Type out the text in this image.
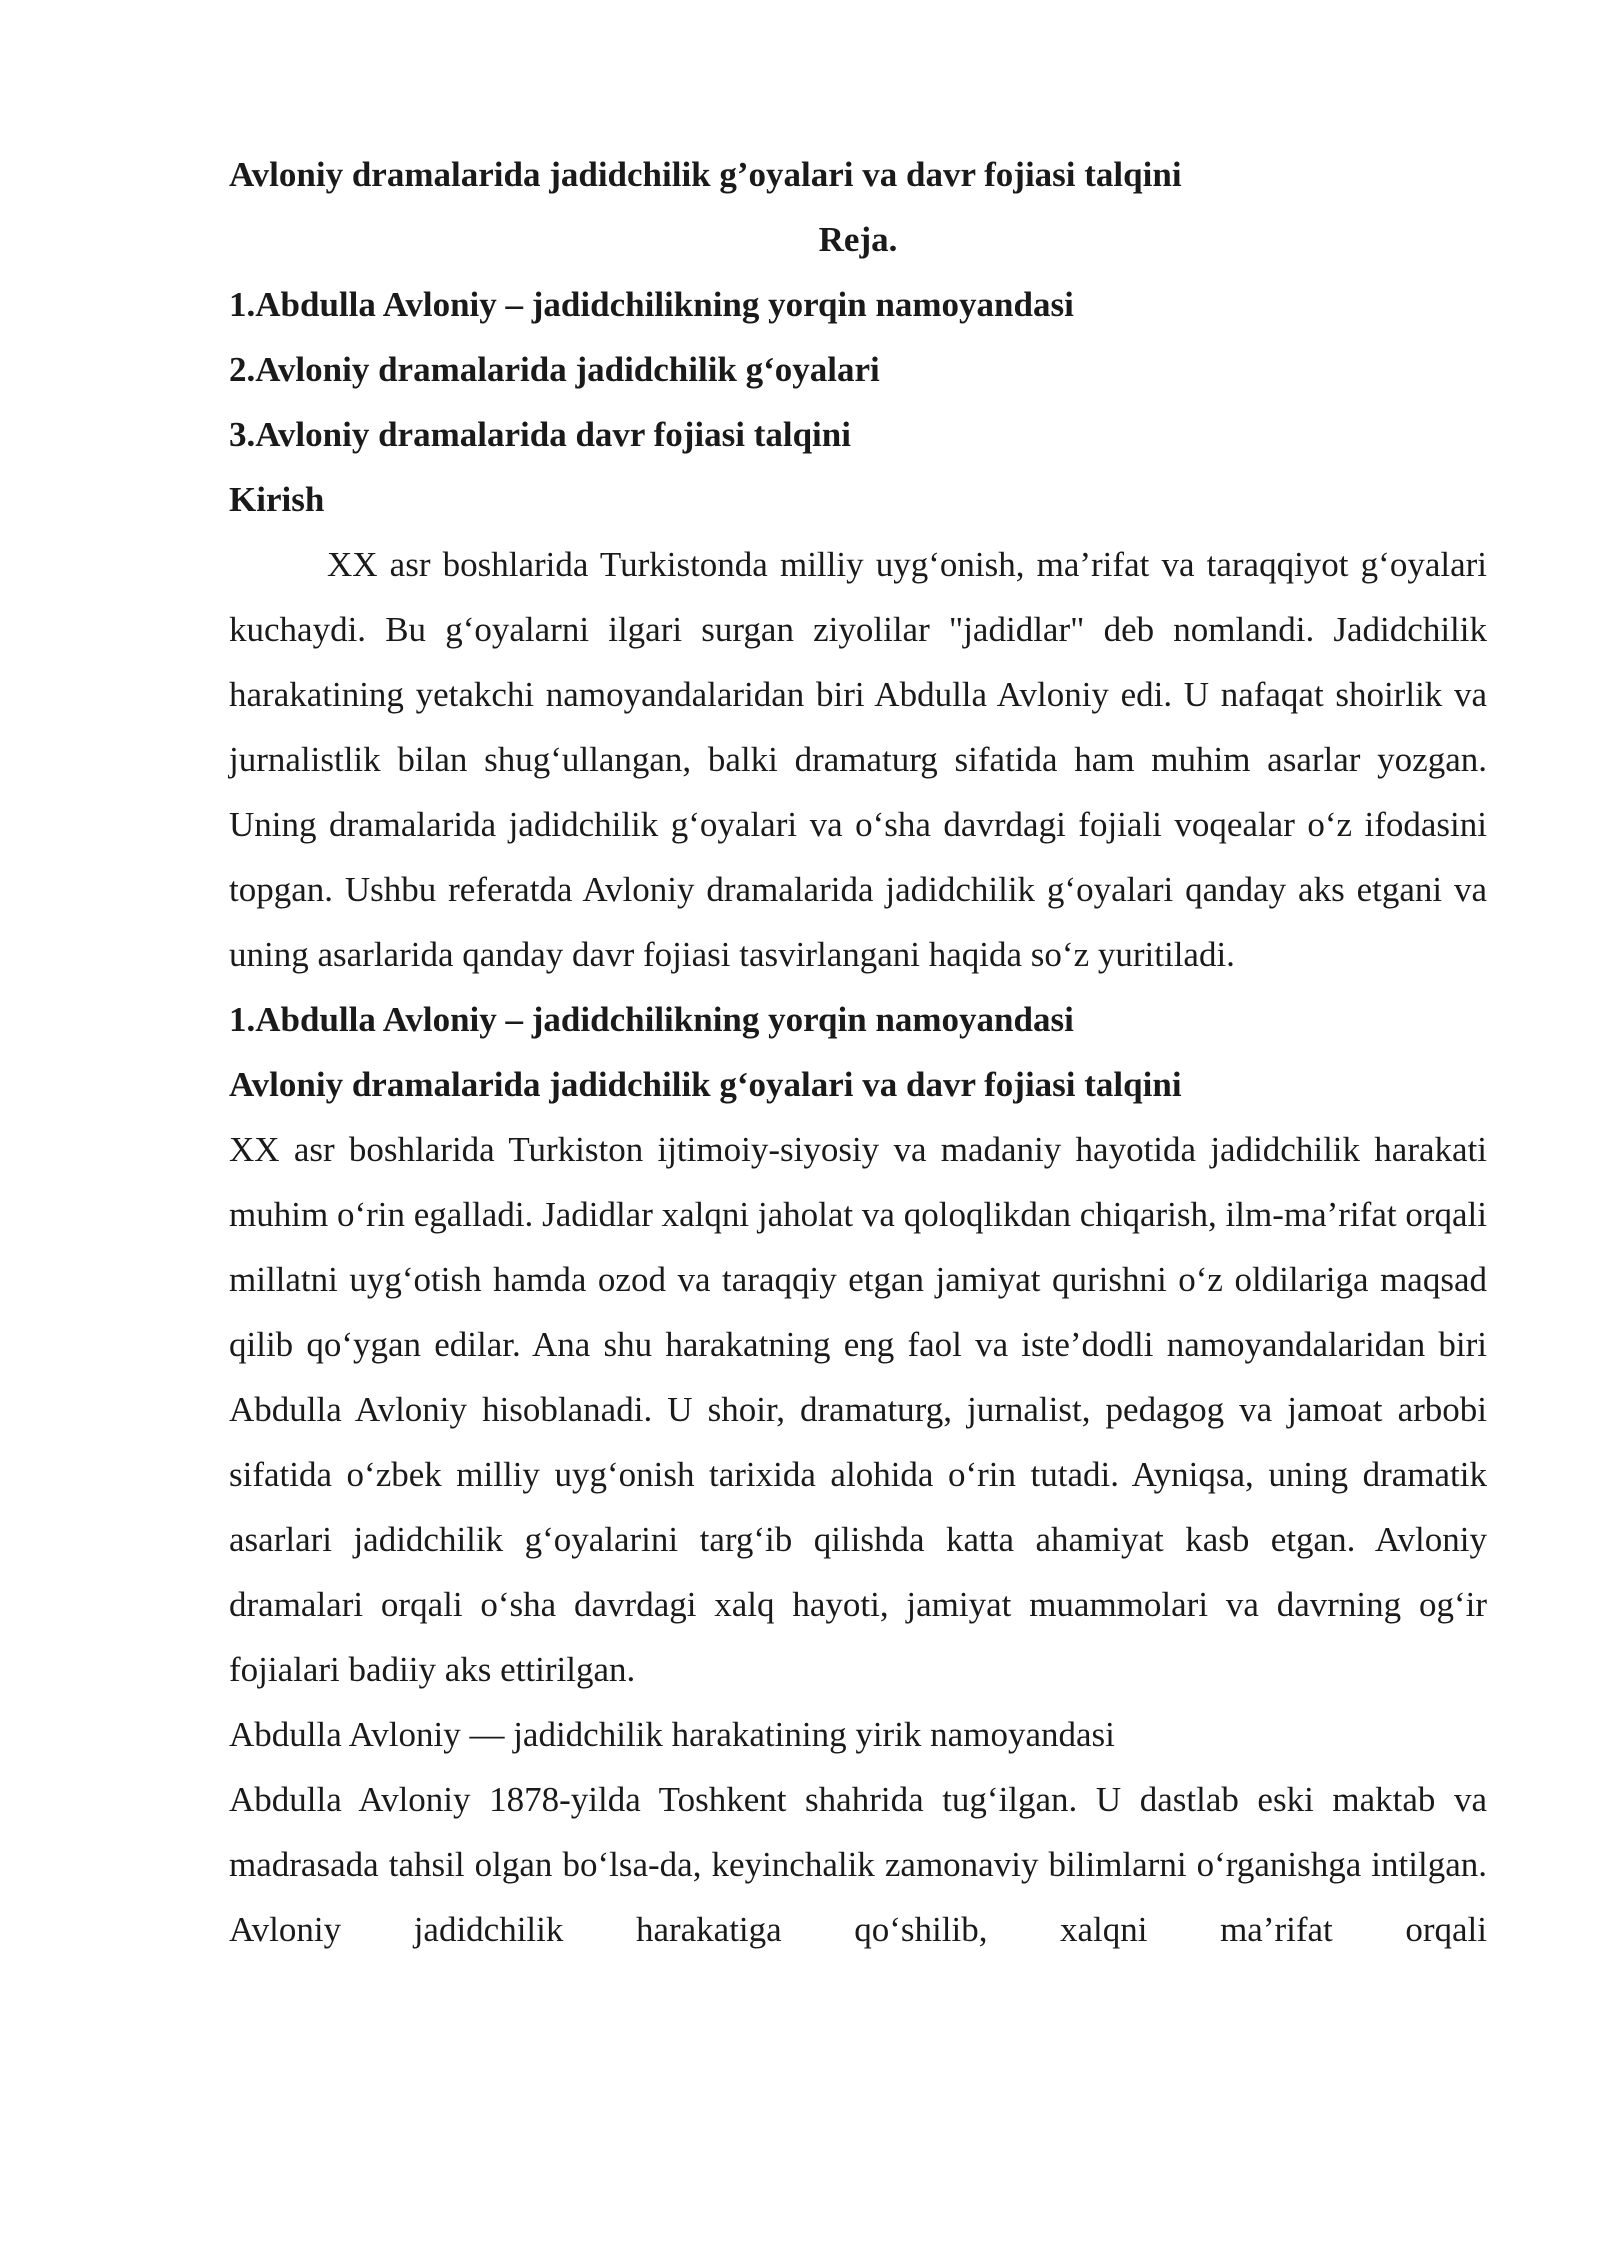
Avloniy dramalarida jadidchilik g’oyalari va davr fojiasi talqini

Reja.

1.Abdulla Avloniy – jadidchilikning yorqin namoyandasi

2.Avloniy dramalarida jadidchilik g‘oyalari

3.Avloniy dramalarida davr fojiasi talqini

Kirish

XX asr boshlarida Turkistonda milliy uyg‘onish, ma’rifat va taraqqiyot g‘oyalari kuchaydi. Bu g‘oyalarni ilgari surgan ziyolilar "jadidlar" deb nomlandi. Jadidchilik harakatining yetakchi namoyandalaridan biri Abdulla Avloniy edi. U nafaqat shoirlik va jurnalistlik bilan shug‘ullangan, balki dramaturg sifatida ham muhim asarlar yozgan. Uning dramalarida jadidchilik g‘oyalari va o‘sha davrdagi fojiali voqealar o‘z ifodasini topgan. Ushbu referatda Avloniy dramalarida jadidchilik g‘oyalari qanday aks etgani va uning asarlarida qanday davr fojiasi tasvirlangani haqida so‘z yuritiladi.

1.Abdulla Avloniy – jadidchilikning yorqin namoyandasi

Avloniy dramalarida jadidchilik g‘oyalari va davr fojiasi talqini

XX asr boshlarida Turkiston ijtimoiy-siyosiy va madaniy hayotida jadidchilik harakati muhim o‘rin egalladi. Jadidlar xalqni jaholat va qoloqlikdan chiqarish, ilm-ma’rifat orqali millatni uyg‘otish hamda ozod va taraqqiy etgan jamiyat qurishni o‘z oldilariga maqsad qilib qo‘ygan edilar. Ana shu harakatning eng faol va iste’dodli namoyandalaridan biri Abdulla Avloniy hisoblanadi. U shoir, dramaturg, jurnalist, pedagog va jamoat arbobi sifatida o‘zbek milliy uyg‘onish tarixida alohida o‘rin tutadi. Ayniqsa, uning dramatik asarlari jadidchilik g‘oyalarini targ‘ib qilishda katta ahamiyat kasb etgan. Avloniy dramalari orqali o‘sha davrdagi xalq hayoti, jamiyat muammolari va davrning og‘ir fojialari badiiy aks ettirilgan.

Abdulla Avloniy — jadidchilik harakatining yirik namoyandasi

Abdulla Avloniy 1878-yilda Toshkent shahrida tug‘ilgan. U dastlab eski maktab va madrasada tahsil olgan bo‘lsa-da, keyinchalik zamonaviy bilimlarni o‘rganishga intilgan. Avloniy jadidchilik harakatiga qo‘shilib, xalqni ma’rifat orqali
